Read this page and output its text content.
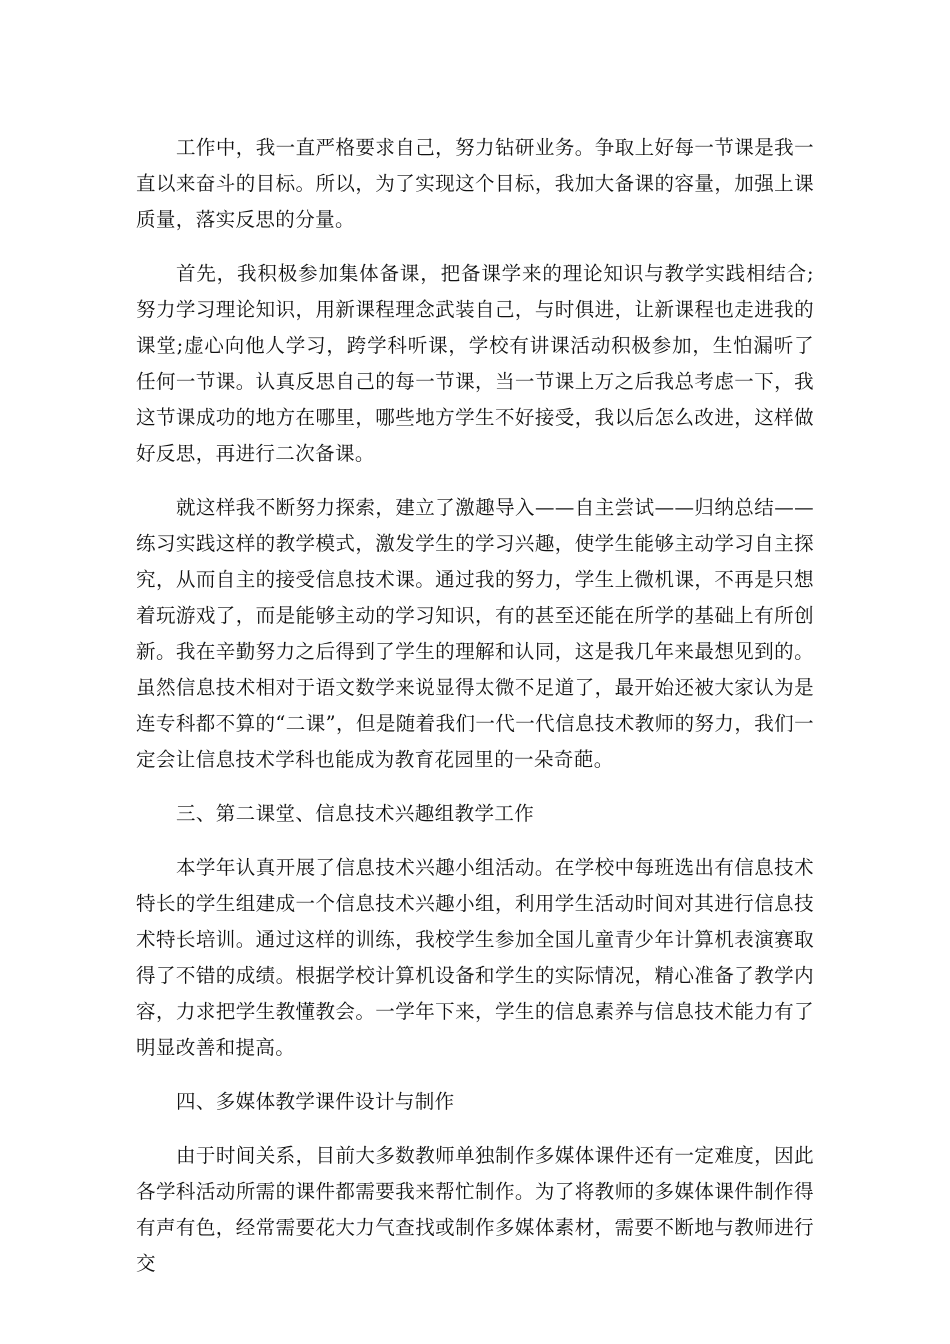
工作中，我一直严格要求自己，努力钻研业务。争取上好每一节课是我一直以来奋斗的目标。所以，为了实现这个目标，我加大备课的容量，加强上课质量，落实反思的分量。

首先，我积极参加集体备课，把备课学来的理论知识与教学实践相结合;努力学习理论知识，用新课程理念武装自己，与时俱进，让新课程也走进我的课堂;虚心向他人学习，跨学科听课，学校有讲课活动积极参加，生怕漏听了任何一节课。认真反思自己的每一节课，当一节课上万之后我总考虑一下，我这节课成功的地方在哪里，哪些地方学生不好接受，我以后怎么改进，这样做好反思，再进行二次备课。

就这样我不断努力探索，建立了激趣导入——自主尝试——归纳总结——练习实践这样的教学模式，激发学生的学习兴趣，使学生能够主动学习自主探究，从而自主的接受信息技术课。通过我的努力，学生上微机课，不再是只想着玩游戏了，而是能够主动的学习知识，有的甚至还能在所学的基础上有所创新。我在辛勤努力之后得到了学生的理解和认同，这是我几年来最想见到的。虽然信息技术相对于语文数学来说显得太微不足道了，最开始还被大家认为是连专科都不算的“二课”，但是随着我们一代一代信息技术教师的努力，我们一定会让信息技术学科也能成为教育花园里的一朵奇葩。

三、第二课堂、信息技术兴趣组教学工作

本学年认真开展了信息技术兴趣小组活动。在学校中每班选出有信息技术特长的学生组建成一个信息技术兴趣小组，利用学生活动时间对其进行信息技术特长培训。通过这样的训练，我校学生参加全国儿童青少年计算机表演赛取得了不错的成绩。根据学校计算机设备和学生的实际情况，精心准备了教学内容，力求把学生教懂教会。一学年下来，学生的信息素养与信息技术能力有了明显改善和提高。

四、多媒体教学课件设计与制作

由于时间关系，目前大多数教师单独制作多媒体课件还有一定难度，因此各学科活动所需的课件都需要我来帮忙制作。为了将教师的多媒体课件制作得有声有色，经常需要花大力气查找或制作多媒体素材，需要不断地与教师进行交
